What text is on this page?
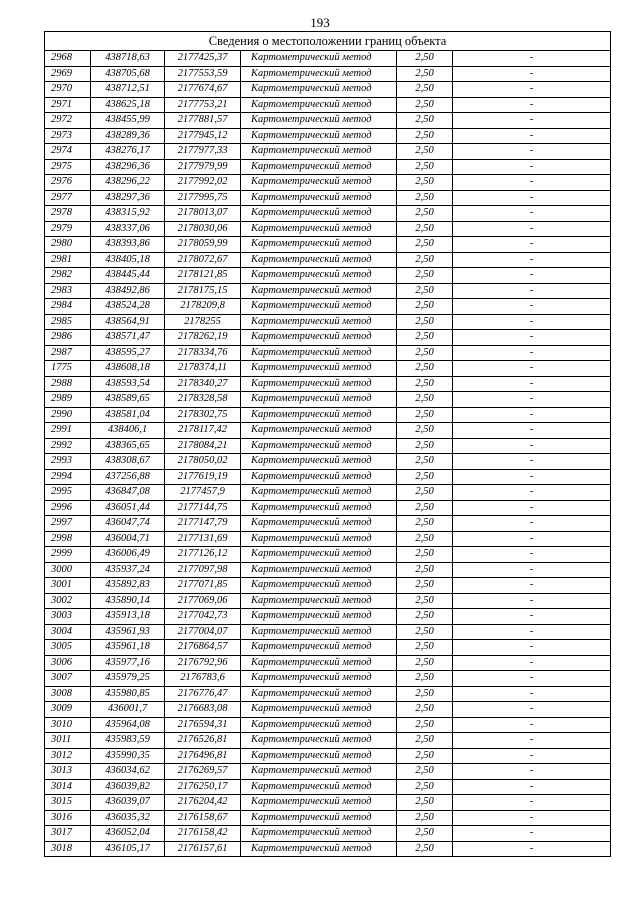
193
Сведения о местоположении границ объекта					
2968	438718,63	2177425,37	Картометрический метод	2,50	-
2969	438705,68	2177553,59	Картометрический метод	2,50	-
2970	438712,51	2177674,67	Картометрический метод	2,50	-
2971	438625,18	2177753,21	Картометрический метод	2,50	-
2972	438455,99	2177881,57	Картометрический метод	2,50	-
2973	438289,36	2177945,12	Картометрический метод	2,50	-
2974	438276,17	2177977,33	Картометрический метод	2,50	-
2975	438296,36	2177979,99	Картометрический метод	2,50	-
2976	438296,22	2177992,02	Картометрический метод	2,50	-
2977	438297,36	2177995,75	Картометрический метод	2,50	-
2978	438315,92	2178013,07	Картометрический метод	2,50	-
2979	438337,06	2178030,06	Картометрический метод	2,50	-
2980	438393,86	2178059,99	Картометрический метод	2,50	-
2981	438405,18	2178072,67	Картометрический метод	2,50	-
2982	438445,44	2178121,85	Картометрический метод	2,50	-
2983	438492,86	2178175,15	Картометрический метод	2,50	-
2984	438524,28	2178209,8	Картометрический метод	2,50	-
2985	438564,91	2178255	Картометрический метод	2,50	-
2986	438571,47	2178262,19	Картометрический метод	2,50	-
2987	438595,27	2178334,76	Картометрический метод	2,50	-
1775	438608,18	2178374,11	Картометрический метод	2,50	-
2988	438593,54	2178340,27	Картометрический метод	2,50	-
2989	438589,65	2178328,58	Картометрический метод	2,50	-
2990	438581,04	2178302,75	Картометрический метод	2,50	-
2991	438406,1	2178117,42	Картометрический метод	2,50	-
2992	438365,65	2178084,21	Картометрический метод	2,50	-
2993	438308,67	2178050,02	Картометрический метод	2,50	-
2994	437256,88	2177619,19	Картометрический метод	2,50	-
2995	436847,08	2177457,9	Картометрический метод	2,50	-
2996	436051,44	2177144,75	Картометрический метод	2,50	-
2997	436047,74	2177147,79	Картометрический метод	2,50	-
2998	436004,71	2177131,69	Картометрический метод	2,50	-
2999	436006,49	2177126,12	Картометрический метод	2,50	-
3000	435937,24	2177097,98	Картометрический метод	2,50	-
3001	435892,83	2177071,85	Картометрический метод	2,50	-
3002	435890,14	2177069,06	Картометрический метод	2,50	-
3003	435913,18	2177042,73	Картометрический метод	2,50	-
3004	435961,93	2177004,07	Картометрический метод	2,50	-
3005	435961,18	2176864,57	Картометрический метод	2,50	-
3006	435977,16	2176792,96	Картометрический метод	2,50	-
3007	435979,25	2176783,6	Картометрический метод	2,50	-
3008	435980,85	2176776,47	Картометрический метод	2,50	-
3009	436001,7	2176683,08	Картометрический метод	2,50	-
3010	435964,08	2176594,31	Картометрический метод	2,50	-
3011	435983,59	2176526,81	Картометрический метод	2,50	-
3012	435990,35	2176496,81	Картометрический метод	2,50	-
3013	436034,62	2176269,57	Картометрический метод	2,50	-
3014	436039,82	2176250,17	Картометрический метод	2,50	-
3015	436039,07	2176204,42	Картометрический метод	2,50	-
3016	436035,32	2176158,67	Картометрический метод	2,50	-
3017	436052,04	2176158,42	Картометрический метод	2,50	-
3018	436105,17	2176157,61	Картометрический метод	2,50	-
